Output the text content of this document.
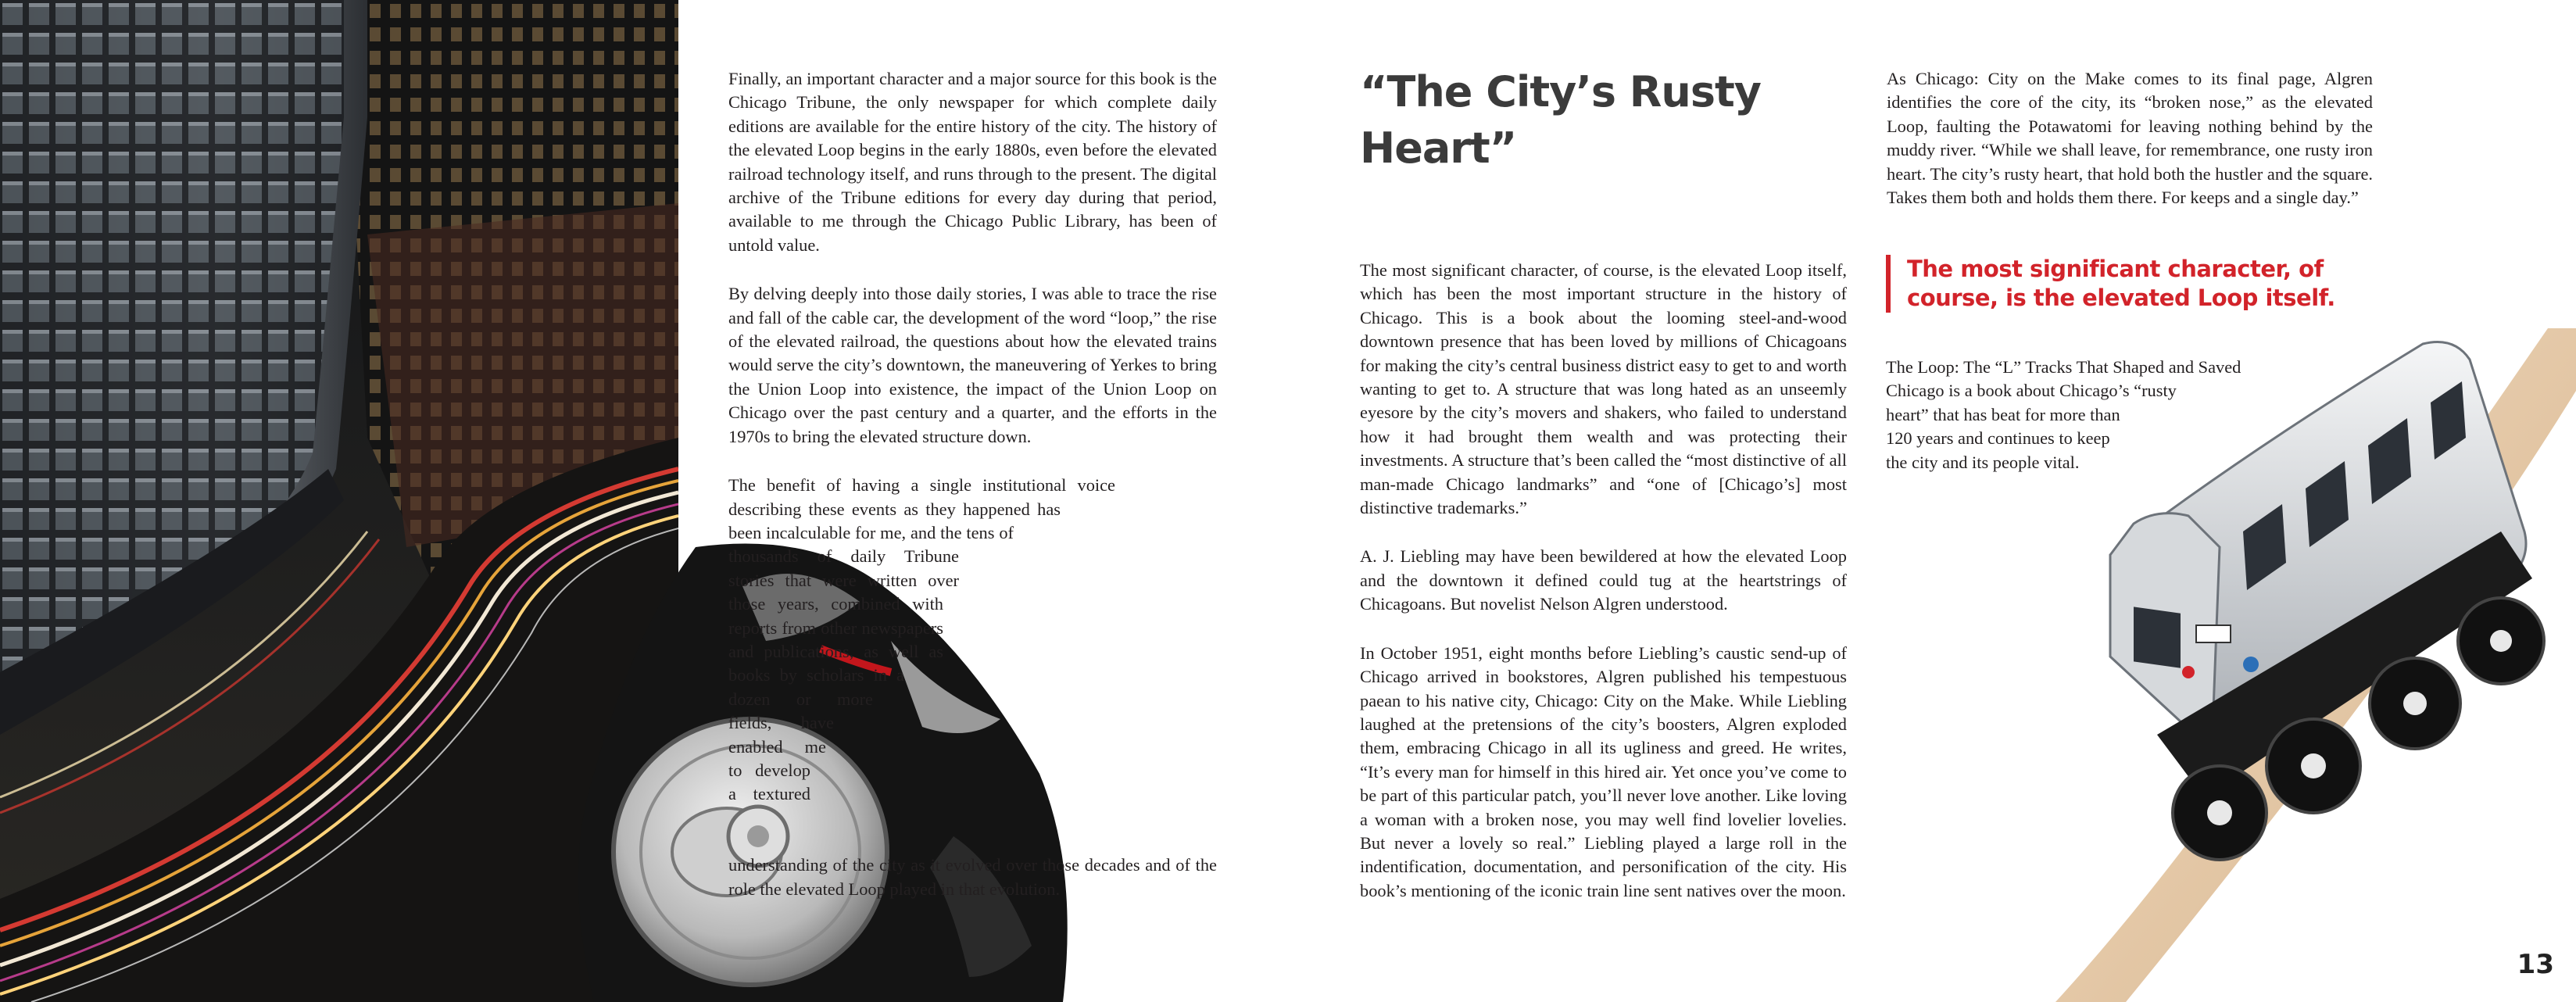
Finally, an important character and a major source for this book is the Chicago Tribune, the only newspaper for which complete daily editions are available for the entire history of the city. The history of the elevated Loop begins in the early 1880s, even before the elevated railroad technology itself, and runs through to the present. The digital archive of the Tribune editions for every day during that period, available to me through the Chicago Public Library, has been of untold value.

By delving deeply into those daily stories, I was able to trace the rise and fall of the cable car, the development of the word “loop,” the rise of the elevated railroad, the questions about how the elevated trains would serve the city’s downtown, the maneuvering of Yerkes to bring the Union Loop into existence, the impact of the Union Loop on Chicago over the past century and a quarter, and the efforts in the 1970s to bring the elevated structure down.

The benefit of having a single institutional voice describing these events as they happened has been incalculable for me, and the tens of thousands of daily Tribune stories that were written over those years, combined with reports from other newspapers and publications, as well as books by scholars in a dozen or more fields, have enabled me to develop a textured understanding of the city as it evolved over those decades and of the role the elevated Loop played in that evolution.

“The City’s Rusty Heart”

The most significant character, of course, is the elevated Loop itself, which has been the most important structure in the history of Chicago. This is a book about the looming steel-and-wood downtown presence that has been loved by millions of Chicagoans for making the city’s central business district easy to get to and worth wanting to get to. A structure that was long hated as an unseemly eyesore by the city’s movers and shakers, who failed to understand how it had brought them wealth and was protecting their investments. A structure that’s been called the “most distinctive of all man-made Chicago landmarks” and “one of [Chicago’s] most distinctive trademarks.”

A. J. Liebling may have been bewildered at how the elevated Loop and the downtown it defined could tug at the heartstrings of Chicagoans. But novelist Nelson Algren understood.

In October 1951, eight months before Liebling’s caustic send-up of Chicago arrived in bookstores, Algren published his tempestuous paean to his native city, Chicago: City on the Make. While Liebling laughed at the pretensions of the city’s boosters, Algren exploded them, embracing Chicago in all its ugliness and greed. He writes, “It’s every man for himself in this hired air. Yet once you’ve come to be part of this particular patch, you’ll never love another. Like loving a woman with a broken nose, you may well find lovelier lovelies. But never a lovely so real.” Liebling played a large roll in the indentification, documentation, and personification of the city. His book’s mentioning of the iconic train line sent natives over the moon.

As Chicago: City on the Make comes to its final page, Algren identifies the core of the city, its “broken nose,” as the elevated Loop, faulting the Potawatomi for leaving nothing behind by the muddy river. “While we shall leave, for remembrance, one rusty iron heart. The city’s rusty heart, that hold both the hustler and the square. Takes them both and holds them there. For keeps and a single day.”

The most significant character, of course, is the elevated Loop itself.
The Loop: The “L” Tracks That Shaped and Saved
Chicago is a book about Chicago’s “rusty
heart” that has beat for more than
120 years and continues to keep
the city and its people vital.
13
